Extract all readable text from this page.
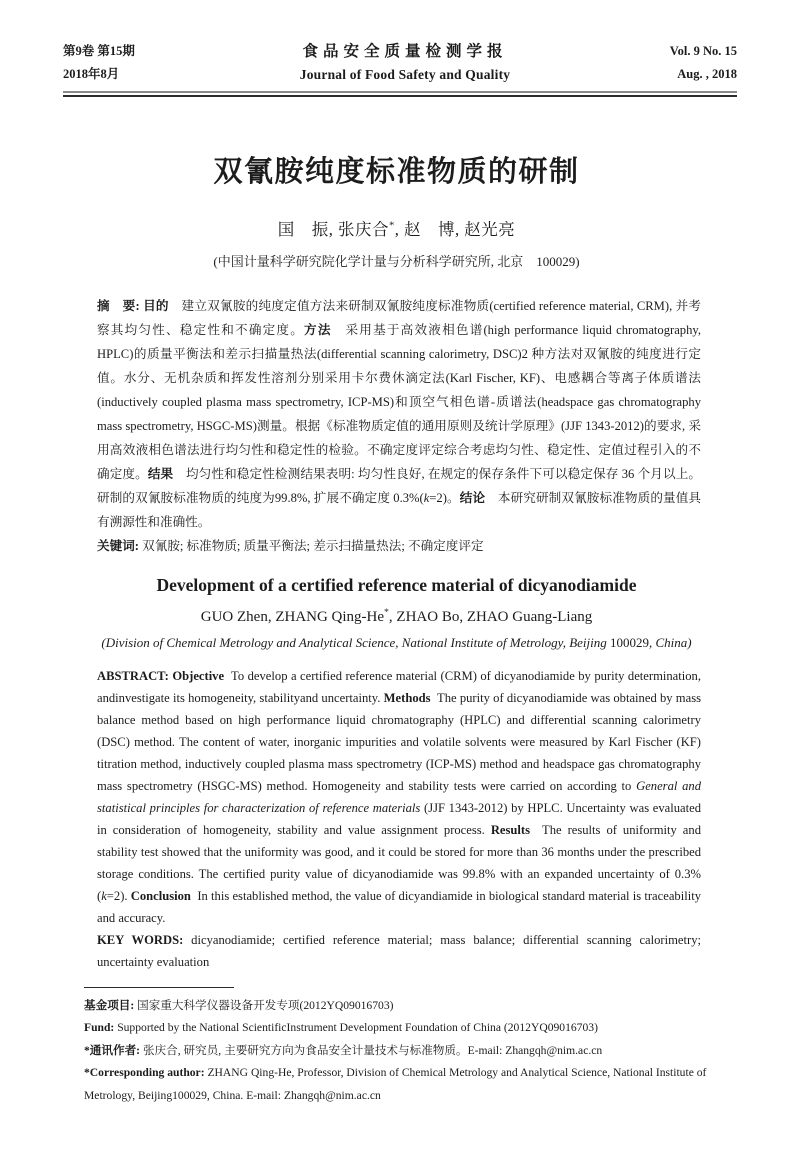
第9卷 第15期
2018年8月
食品安全质量检测学报
Journal of Food Safety and Quality
Vol. 9 No. 15
Aug. , 2018
双氰胺纯度标准物质的研制
国　振, 张庆合*, 赵　博, 赵光亮
(中国计量科学研究院化学计量与分析科学研究所, 北京　100029)

摘　要: 目的　建立双氰胺的纯度定值方法来研制双氰胺纯度标准物质(certified reference material, CRM), 并考察其均匀性、稳定性和不确定度。方法　采用基于高效液相色谱(high performance liquid chromatography, HPLC)的质量平衡法和差示扫描量热法(differential scanning calorimetry, DSC)2 种方法对双氰胺的纯度进行定值。水分、无机杂质和挥发性溶剂分别采用卡尔费休滴定法(Karl Fischer, KF)、电感耦合等离子体质谱法(inductively coupled plasma mass spectrometry, ICP-MS)和顶空气相色谱-质谱法(headspace gas chromatography mass spectrometry, HSGC-MS)测量。根据《标准物质定值的通用原则及统计学原理》(JJF 1343-2012)的要求, 采用高效液相色谱法进行均匀性和稳定性的检验。不确定度评定综合考虑均匀性、稳定性、定值过程引入的不确定度。结果　均匀性和稳定性检测结果表明: 均匀性良好, 在规定的保存条件下可以稳定保存 36 个月以上。研制的双氰胺标准物质的纯度为99.8%, 扩展不确定度 0.3%(k=2)。结论　本研究研制双氰胺标准物质的量值具有溯源性和准确性。

关键词: 双氰胺; 标准物质; 质量平衡法; 差示扫描量热法; 不确定度评定

Development of a certified reference material of dicyanodiamide
GUO Zhen, ZHANG Qing-He*, ZHAO Bo, ZHAO Guang-Liang
(Division of Chemical Metrology and Analytical Science, National Institute of Metrology, Beijing 100029, China)

ABSTRACT: Objective  To develop a certified reference material (CRM) of dicyanodiamide by purity determination, andinvestigate its homogeneity, stabilityand uncertainty. Methods  The purity of dicyanodiamide was obtained by mass balance method based on high performance liquid chromatography (HPLC) and differential scanning calorimetry (DSC) method. The content of water, inorganic impurities and volatile solvents were measured by Karl Fischer (KF) titration method, inductively coupled plasma mass spectrometry (ICP-MS) method and headspace gas chromatography mass spectrometry (HSGC-MS) method. Homogeneity and stability tests were carried on according to General and statistical principles for characterization of reference materials (JJF 1343-2012) by HPLC. Uncertainty was evaluated in consideration of homogeneity, stability and value assignment process. Results  The results of uniformity and stability test showed that the uniformity was good, and it could be stored for more than 36 months under the prescribed storage conditions. The certified purity value of dicyanodiamide was 99.8% with an expanded uncertainty of 0.3% (k=2). Conclusion  In this established method, the value of dicyandiamide in biological standard material is traceability and accuracy.

KEY WORDS: dicyanodiamide; certified reference material; mass balance; differential scanning calorimetry; uncertainty evaluation

基金项目: 国家重大科学仪器设备开发专项(2012YQ09016703)

Fund: Supported by the National ScientificInstrument Development Foundation of China (2012YQ09016703)

*通讯作者: 张庆合, 研究员, 主要研究方向为食品安全计量技术与标准物质。E-mail: Zhangqh@nim.ac.cn

*Corresponding author: ZHANG Qing-He, Professor, Division of Chemical Metrology and Analytical Science, National Institute of Metrology, Beijing100029, China. E-mail: Zhangqh@nim.ac.cn
